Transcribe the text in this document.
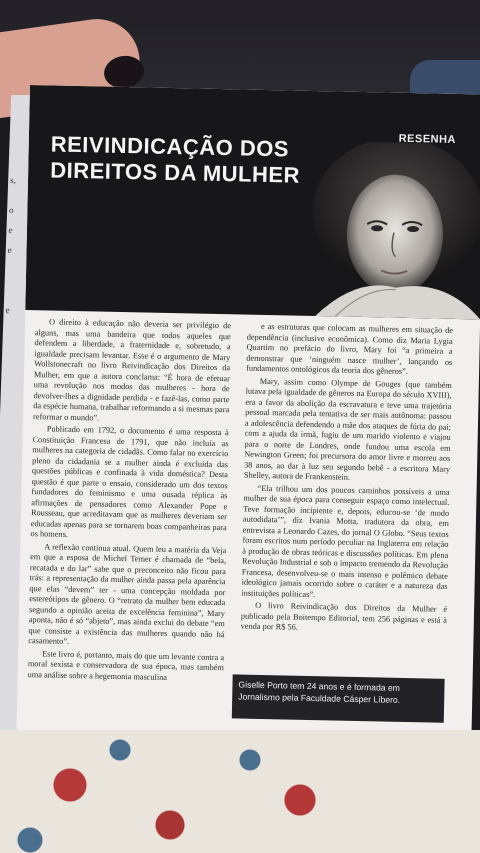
s,
o
e
e
e
REIVINDICAÇÃO DOS
DIREITOS DA MULHER
RESENHA

O direito à educação não deveria ser privilégio de alguns, mas uma bandeira que todos aqueles que defendem a liberdade, a fraternidade e, sobretudo, a igualdade precisam levantar. Esse é o argumento de Mary Wollstonecraft no livro Reivindicação dos Direitos da Mulher, em que a autora conclama: “É hora de efetuar uma revolução nos modos das mulheres - hora de devolver-lhes a dignidade perdida - e fazê-las, como parte da espécie humana, trabalhar reformando a si mesmas para reformar o mundo”.

Publicado em 1792, o documento é uma resposta à Constituição Francesa de 1791, que não incluía as mulheres na categoria de cidadãs. Como falar no exercício pleno da cidadania se a mulher ainda é excluída das questões públicas e confinada à vida doméstica? Desta questão é que parte o ensaio, considerado um dos textos fundadores do feminismo e uma ousada réplica às afirmações de pensadores como Alexander Pope e Rousseau, que acreditavam que as mulheres deveriam ser educadas apenas para se tornarem boas companheiras para os homens.

A reflexão continua atual. Quem leu a matéria da Veja em que a esposa de Michel Temer é chamada de “bela, recatada e do lar” sabe que o preconceito não ficou para trás: a representação da mulher ainda passa pela aparência que elas “devem” ter - uma concepção moldada por estereótipos de gênero. O “retrato da mulher bem educada segundo a opinião aceita de excelência feminina”, Mary aponta, não é só “abjeto”, mas ainda exclui do debate “em que consiste a existência das mulheres quando não há casamento”.

Este livro é, portanto, mais do que um levante contra a moral sexista e conservadora de sua época, mas também uma análise sobre a hegemonia masculina

e as estruturas que colocam as mulheres em situação de dependência (inclusive econômica). Como diz Maria Lygia Quartim no prefácio do livro, Mary foi “a primeira a demonstrar que ‘ninguém nasce mulher’, lançando os fundamentos ontológicos da teoria dos gêneros”.

Mary, assim como Olympe de Gouges (que também lutava pela igualdade de gêneros na Europa do século XVIII), era a favor da abolição da escravatura e teve uma trajetória pessoal marcada pela tentativa de ser mais autônoma: passou a adolescência defendendo a mãe dos ataques de fúria do pai; com a ajuda da irmã, fugiu de um marido violento e viajou para o norte de Londres, onde fundou uma escola em Newington Green; foi precursora do amor livre e morreu aos 38 anos, ao dar à luz seu segundo bebê - a escritora Mary Shelley, autora de Frankenstein.

“Ela trilhou um dos poucos caminhos possíveis a uma mulher de sua época para conseguir espaço como intelectual. Teve formação incipiente e, depois, educou-se ‘de modo autodidata’”, diz Ivania Motta, tradutora da obra, em entrevista a Leonardo Cazes, do jornal O Globo. “Seus textos foram escritos num período peculiar na Inglaterra em relação à produção de obras teóricas e discussões políticas. Em plena Revolução Industrial e sob o impacto tremendo da Revolução Francesa, desenvolveu-se o mais intenso e polêmico debate ideológico jamais ocorrido sobre o caráter e a natureza das instituições políticas”.

O livro Reivindicação dos Direitos da Mulher é publicado pela Boitempo Editorial, tem 256 páginas e está à venda por R$ 56.

Giselle Porto tem 24 anos e é formada em Jornalismo pela Faculdade Cásper Líbero.
